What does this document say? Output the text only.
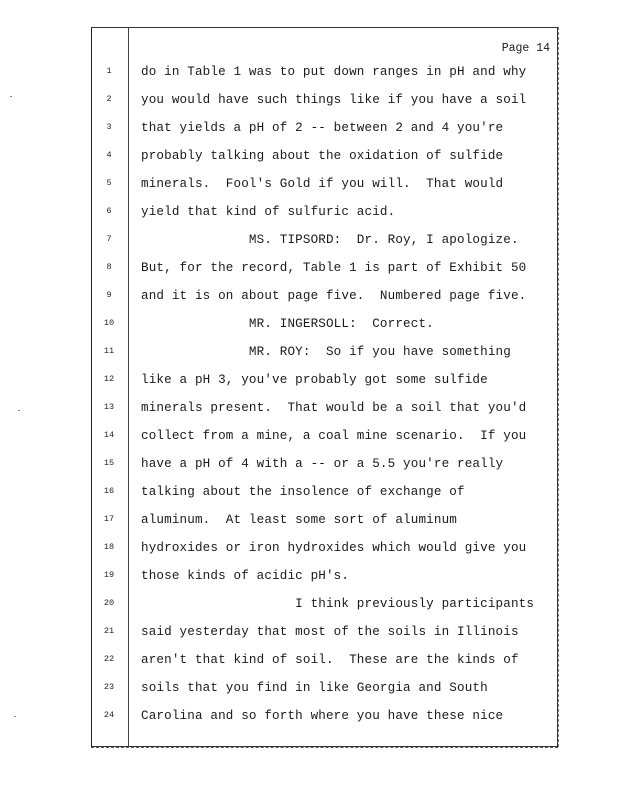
Page 14
1	do in Table 1 was to put down ranges in pH and why
2	you would have such things like if you have a soil
3	that yields a pH of 2 -- between 2 and 4 you're
4	probably talking about the oxidation of sulfide
5	minerals.  Fool's Gold if you will.  That would
6	yield that kind of sulfuric acid.
7	MS. TIPSORD:  Dr. Roy, I apologize.
8	But, for the record, Table 1 is part of Exhibit 50
9	and it is on about page five.  Numbered page five.
10	MR. INGERSOLL:  Correct.
11	MR. ROY:  So if you have something
12	like a pH 3, you've probably got some sulfide
13	minerals present.  That would be a soil that you'd
14	collect from a mine, a coal mine scenario.  If you
15	have a pH of 4 with a -- or a 5.5 you're really
16	talking about the insolence of exchange of
17	aluminum.  At least some sort of aluminum
18	hydroxides or iron hydroxides which would give you
19	those kinds of acidic pH's.
20	I think previously participants
21	said yesterday that most of the soils in Illinois
22	aren't that kind of soil.  These are the kinds of
23	soils that you find in like Georgia and South
24	Carolina and so forth where you have these nice
